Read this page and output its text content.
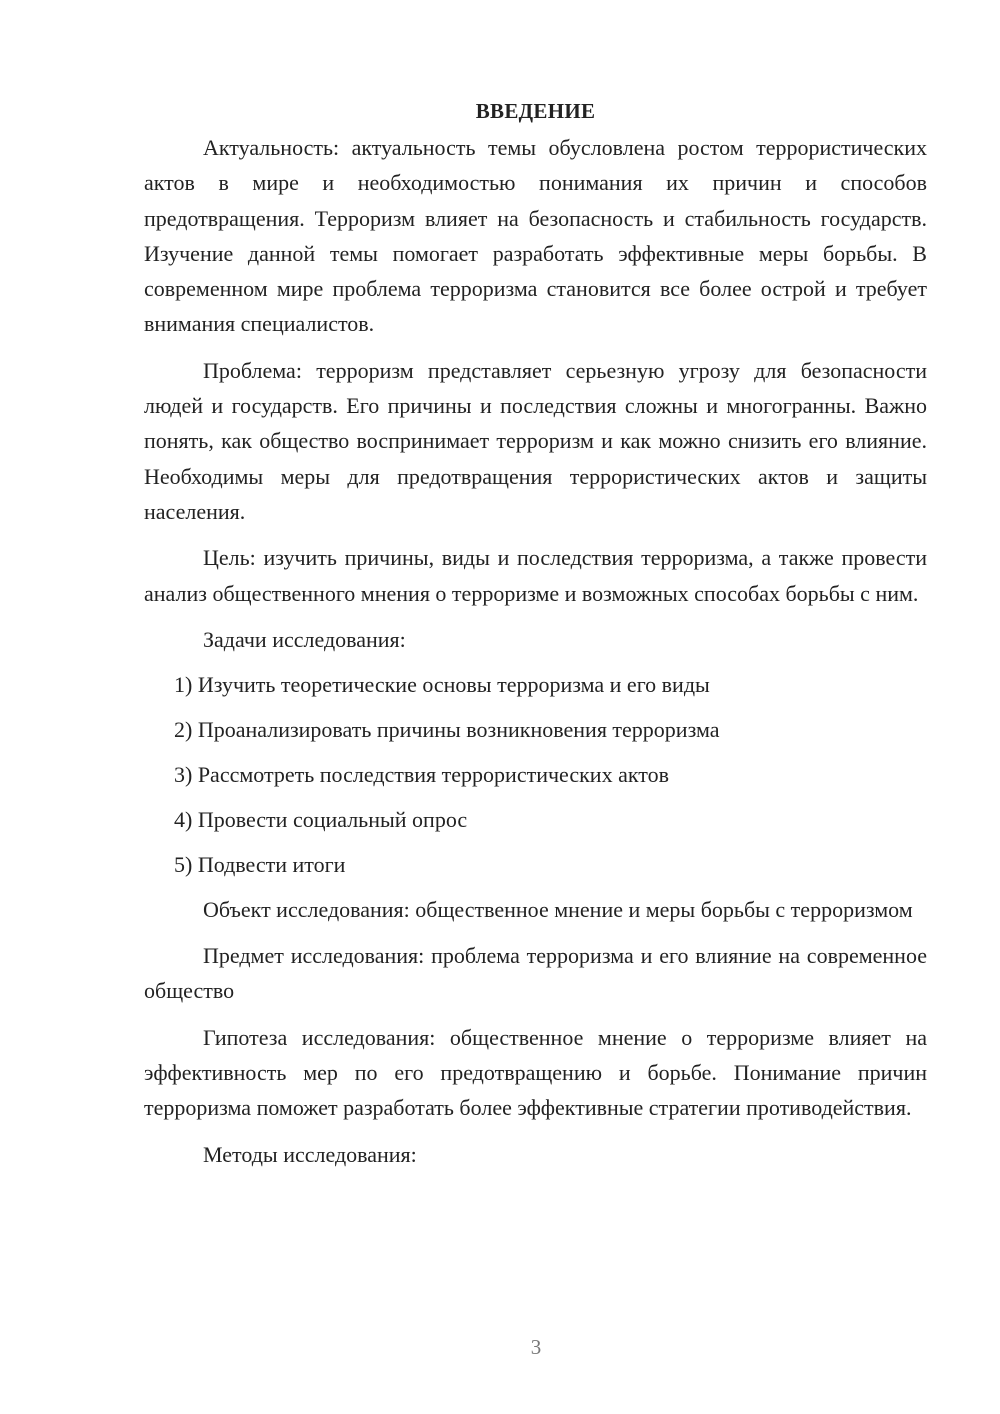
ВВЕДЕНИЕ

Актуальность: актуальность темы обусловлена ростом террористических актов в мире и необходимостью понимания их причин и способов предотвращения. Терроризм влияет на безопасность и стабильность государств. Изучение данной темы помогает разработать эффективные меры борьбы. В современном мире проблема терроризма становится все более острой и требует внимания специалистов.

Проблема: терроризм представляет серьезную угрозу для безопасности людей и государств. Его причины и последствия сложны и многогранны. Важно понять, как общество воспринимает терроризм и как можно снизить его влияние. Необходимы меры для предотвращения террористических актов и защиты населения.

Цель: изучить причины, виды и последствия терроризма, а также провести анализ общественного мнения о терроризме и возможных способах борьбы с ним.

Задачи исследования:

1) Изучить теоретические основы терроризма и его виды
2) Проанализировать причины возникновения терроризма
3) Рассмотреть последствия террористических актов
4) Провести социальный опрос
5) Подвести итоги

Объект исследования: общественное мнение и меры борьбы с терроризмом

Предмет исследования: проблема терроризма и его влияние на современное общество

Гипотеза исследования: общественное мнение о терроризме влияет на эффективность мер по его предотвращению и борьбе. Понимание причин терроризма поможет разработать более эффективные стратегии противодействия.

Методы исследования:

3
